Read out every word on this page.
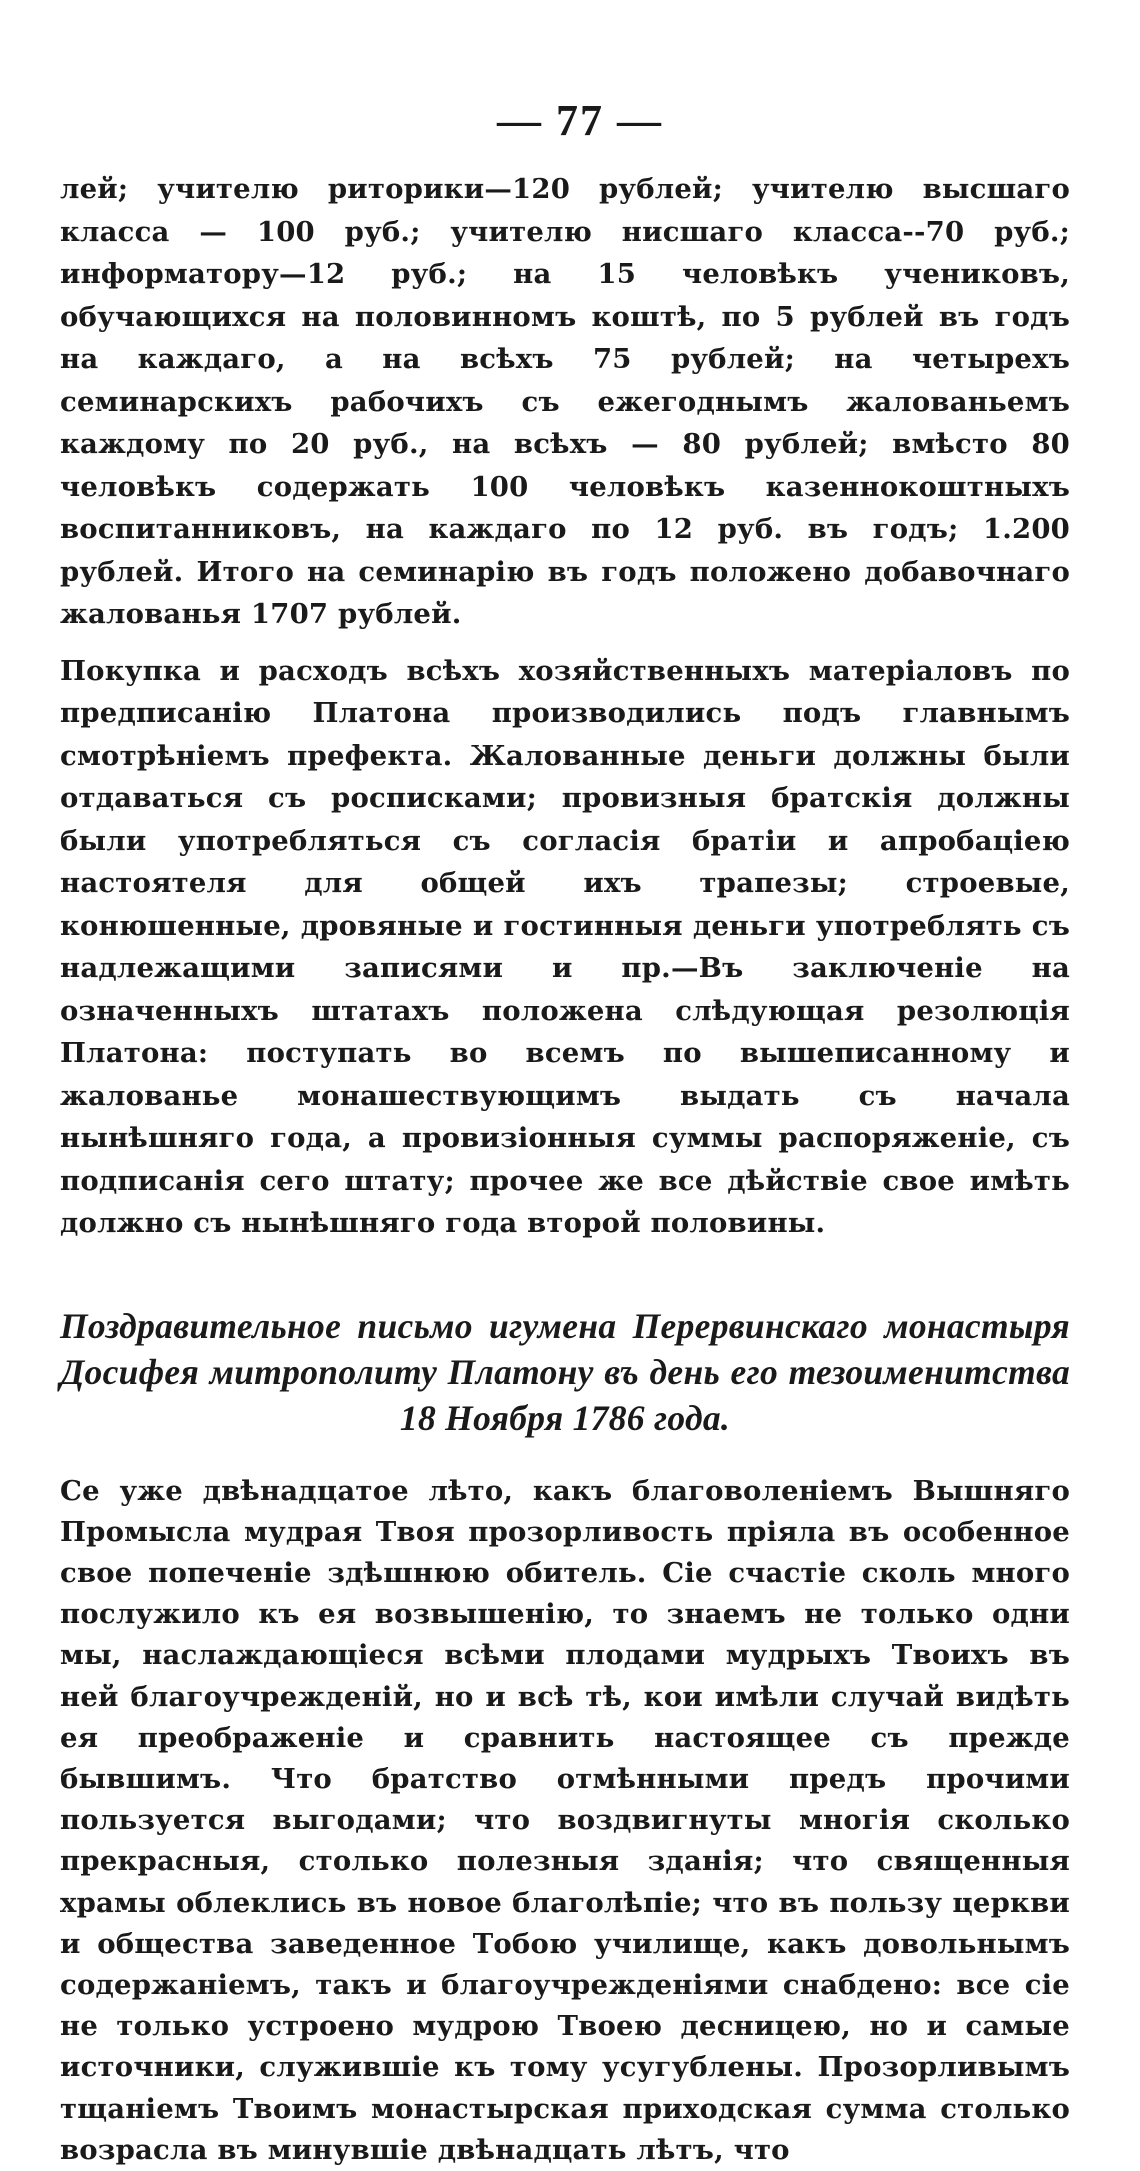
— 77 —

лей; учителю риторики—120 рублей; учителю высшаго класса — 100 руб.; учителю нисшаго класса--70 руб.; информатору—12 руб.; на 15 человѣкъ учениковъ, обучающихся на половинномъ коштѣ, по 5 рублей въ годъ на каждаго, а на всѣхъ 75 рублей; на четырехъ семинарскихъ рабочихъ съ ежегоднымъ жалованьемъ каждому по 20 руб., на всѣхъ — 80 рублей; вмѣсто 80 человѣкъ содержать 100 человѣкъ казеннокоштныхъ воспитанниковъ, на каждаго по 12 руб. въ годъ; 1.200 рублей. Итого на семинарію въ годъ положено добавочнаго жалованья 1707 рублей.

Покупка и расходъ всѣхъ хозяйственныхъ матеріаловъ по предписанію Платона производились подъ главнымъ смотрѣніемъ префекта. Жалованные деньги должны были отдаваться съ росписками; провизныя братскія должны были употребляться съ согласія братіи и апробаціею настоятеля для общей ихъ трапезы; строевые, конюшенные, дровяные и гостинныя деньги употреблять съ надлежащими записями и пр.—Въ заключеніе на означенныхъ штатахъ положена слѣдующая резолюція Платона: поступать во всемъ по вышеписанному и жалованье монашествующимъ выдать съ начала нынѣшняго года, а провизіонныя суммы распоряженіе, съ подписанія сего штату; прочее же все дѣйствіе свое имѣть должно съ нынѣшняго года второй половины.

Поздравительное письмо игумена Перервинскаго монастыря Досифея митрополиту Платону въ день его тезоименитства 18 Ноября 1786 года.

Се уже двѣнадцатое лѣто, какъ благоволеніемъ Вышняго Промысла мудрая Твоя прозорливость пріяла въ особенное свое попеченіе здѣшнюю обитель. Сіе счастіе сколь много послужило къ ея возвышенію, то знаемъ не только одни мы, наслаждающіеся всѣми плодами мудрыхъ Твоихъ въ ней благоучрежденій, но и всѣ тѣ, кои имѣли случай видѣть ея преображеніе и сравнить настоящее съ прежде бывшимъ. Что братство отмѣнными предъ прочими пользуется выгодами; что воздвигнуты многія сколько прекрасныя, столько полезныя зданія; что священныя храмы облеклись въ новое благолѣпіе; что въ пользу церкви и общества заведенное Тобою училище, какъ довольнымъ содержаніемъ, такъ и благоучрежденіями снабдено: все сіе не только устроено мудрою Твоею десницею, но и самые источники, служившіе къ тому усугублены. Прозорливымъ тщаніемъ Твоимъ монастырская приходская сумма столько возрасла въ минувшіе двѣнадцать лѣтъ, что
